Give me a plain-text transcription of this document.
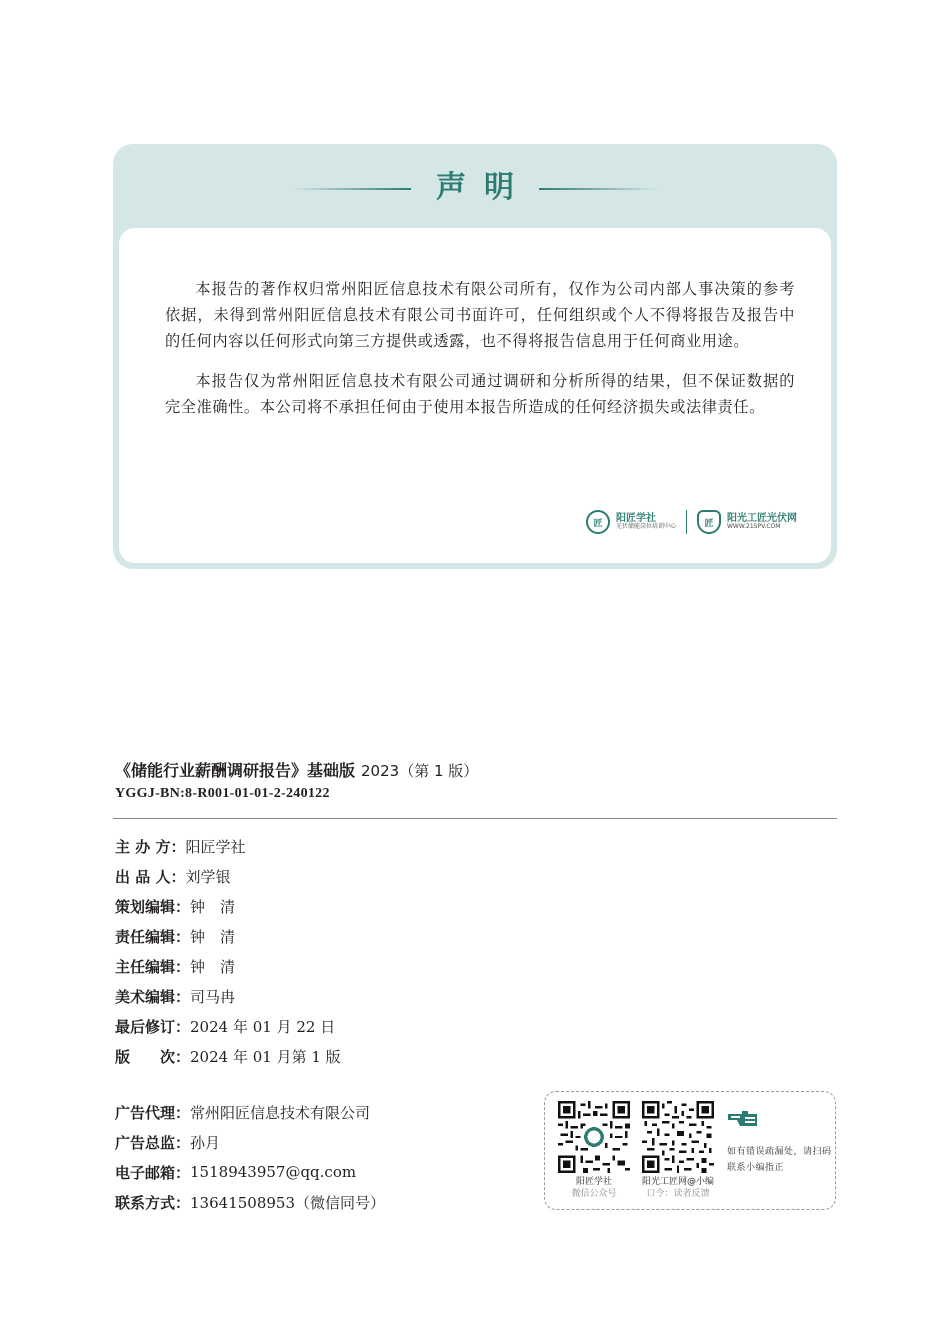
声明

本报告的著作权归常州阳匠信息技术有限公司所有，仅作为公司内部人事决策的参考依据，未得到常州阳匠信息技术有限公司书面许可，任何组织或个人不得将报告及报告中的任何内容以任何形式向第三方提供或透露，也不得将报告信息用于任何商业用途。

本报告仅为常州阳匠信息技术有限公司通过调研和分析所得的结果，但不保证数据的完全准确性。本公司将不承担任何由于使用本报告所造成的任何经济损失或法律责任。

匠	阳匠学社
光伏储能岗位培训中心	匠	阳光工匠光伏网
WWW.21SPV.COM
《储能行业薪酬调研报告》基础版 2023（第 1 版）
YGGJ-BN:8-R001-01-01-2-240122
主 办 方： 阳匠学社
出 品 人： 刘学银
策划编辑： 钟　清
责任编辑： 钟　清
主任编辑： 钟　清
美术编辑： 司马冉
最后修订： 2024 年 01 月 22 日
版　　次： 2024 年 01 月第 1 版
广告代理： 常州阳匠信息技术有限公司
广告总监： 孙月
电子邮箱： 1518943957@qq.com
联系方式： 13641508953（微信同号）
阳匠学社
微信公众号
阳光工匠网@小编
口令：读者反馈
如有错误疏漏处，请扫码联系小编指正
